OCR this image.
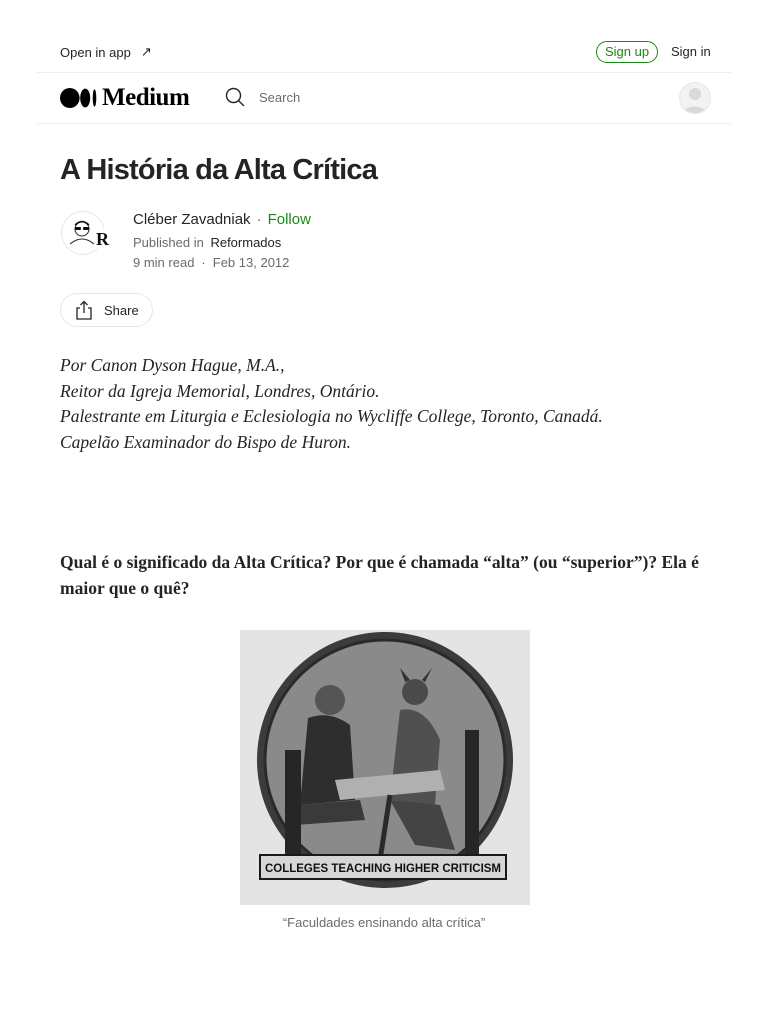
Open in app ↗	Sign up	Sign in
Medium	Search
A História da Alta Crítica
R
Cléber Zavadniak · Follow
Published in Reformados
9 min read · Feb 13, 2012
Share
Por Canon Dyson Hague, M.A.,
Reitor da Igreja Memorial, Londres, Ontário.
Palestrante em Liturgia e Eclesiologia no Wycliffe College, Toronto, Canadá.
Capelão Examinador do Bispo de Huron.

Qual é o significado da Alta Crítica? Por que é chamada “alta” (ou “superior”)? Ela é maior que o quê?

COLLEGES TEACHING HIGHER CRITICISM
“Faculdades ensinando alta crítica”
